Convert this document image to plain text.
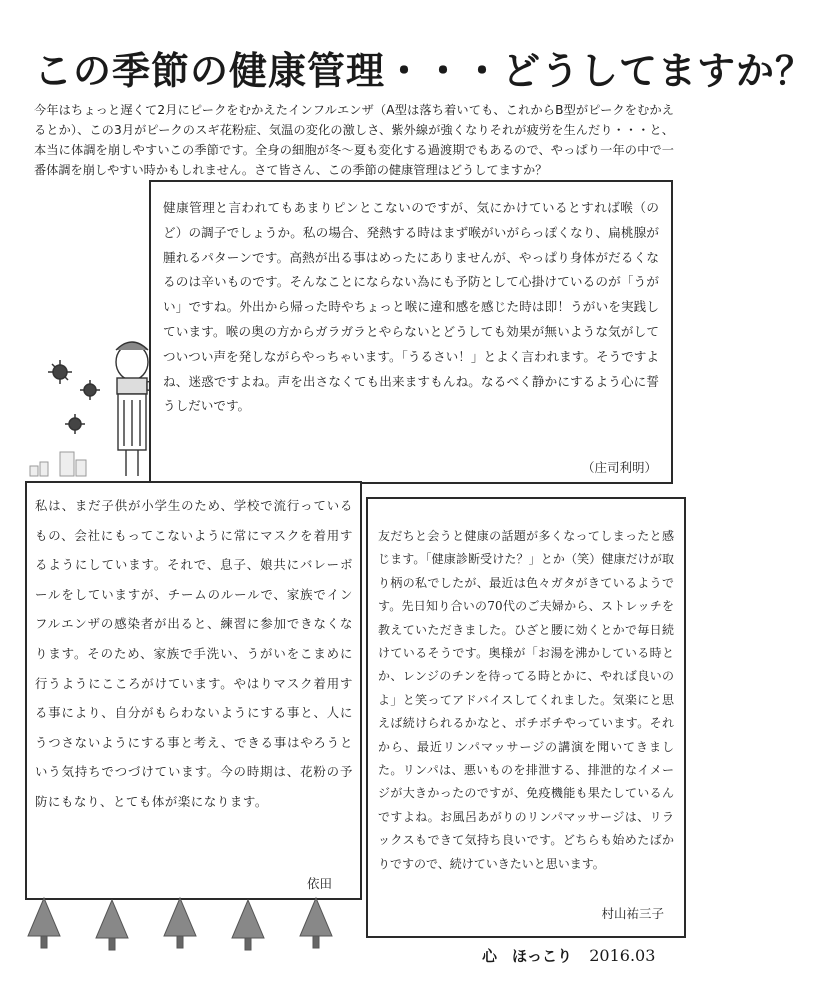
この季節の健康管理・・・どうしてますか？
今年はちょっと遅くて2月にピークをむかえたインフルエンザ（A型は落ち着いても、これからB型がピークをむかえるとか）、この3月がピークのスギ花粉症、気温の変化の激しさ、紫外線が強くなりそれが疲労を生んだり・・・と、本当に体調を崩しやすいこの季節です。全身の細胞が冬～夏も変化する過渡期でもあるので、やっぱり一年の中で一番体調を崩しやすい時かもしれません。さて皆さん、この季節の健康管理はどうしてますか？
健康管理と言われてもあまりピンとこないのですが、気にかけているとすれば喉（のど）の調子でしょうか。私の場合、発熱する時はまず喉がいがらっぽくなり、扁桃腺が腫れるパターンです。高熱が出る事はめったにありませんが、やっぱり身体がだるくなるのは辛いものです。そんなことにならない為にも予防として心掛けているのが「うがい」ですね。外出から帰った時やちょっと喉に違和感を感じた時は即！うがいを実践しています。喉の奥の方からガラガラとやらないとどうしても効果が無いような気がしてついつい声を発しながらやっちゃいます。「うるさい！」とよく言われます。そうですよね、迷惑ですよね。声を出さなくても出来ますもんね。なるべく静かにするよう心に誓うしだいです。
（庄司利明）
私は、まだ子供が小学生のため、学校で流行っているもの、会社にもってこないように常にマスクを着用するようにしています。それで、息子、娘共にバレーボールをしていますが、チームのルールで、家族でインフルエンザの感染者が出ると、練習に参加できなくなります。そのため、家族で手洗い、うがいをこまめに行うようにこころがけています。やはりマスク着用する事により、自分がもらわないようにする事と、人にうつさないようにする事と考え、できる事はやろうという気持ちでつづけています。今の時期は、花粉の予防にもなり、とても体が楽になります。
依田
友だちと会うと健康の話題が多くなってしまったと感じます。「健康診断受けた？」とか（笑）健康だけが取り柄の私でしたが、最近は色々ガタがきているようです。先日知り合いの70代のご夫婦から、ストレッチを教えていただきました。ひざと腰に効くとかで毎日続けているそうです。奥様が「お湯を沸かしている時とか、レンジのチンを待ってる時とかに、やれば良いのよ」と笑ってアドバイスしてくれました。気楽にと思えば続けられるかなと、ボチボチやっています。それから、最近リンパマッサージの講演を聞いてきました。リンパは、悪いものを排泄する、排泄的なイメージが大きかったのですが、免疫機能も果たしているんですよね。お風呂あがりのリンパマッサージは、リラックスもできて気持ち良いです。どちらも始めたばかりですので、続けていきたいと思います。
村山祐三子
心　ほっこり 2016.03
